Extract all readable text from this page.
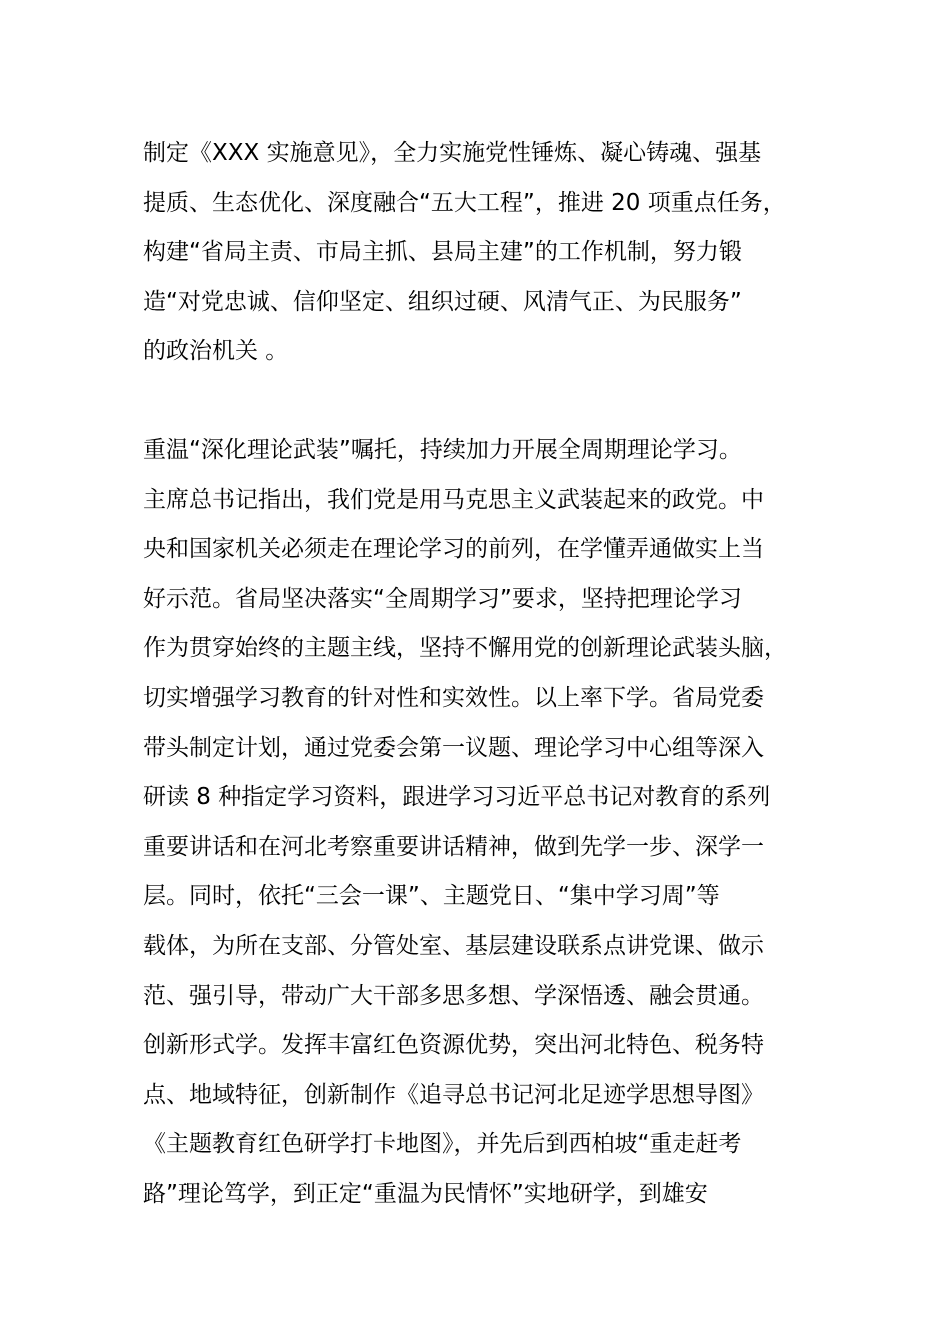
制定《XXX 实施意见》，全力实施党性锤炼、凝心铸魂、强基
提质、生态优化、深度融合“五大工程”，推进 20 项重点任务，
构建“省局主责、市局主抓、县局主建”的工作机制，努力锻
造“对党忠诚、信仰坚定、组织过硬、风清气正、为民服务”
的政治机关 。
重温“深化理论武装”嘱托，持续加力开展全周期理论学习。
主席总书记指出，我们党是用马克思主义武装起来的政党。中
央和国家机关必须走在理论学习的前列，在学懂弄通做实上当
好示范。省局坚决落实“全周期学习”要求，坚持把理论学习
作为贯穿始终的主题主线，坚持不懈用党的创新理论武装头脑，
切实增强学习教育的针对性和实效性。以上率下学。省局党委
带头制定计划，通过党委会第一议题、理论学习中心组等深入
研读 8 种指定学习资料，跟进学习习近平总书记对教育的系列
重要讲话和在河北考察重要讲话精神，做到先学一步、深学一
层。同时，依托“三会一课”、主题党日、“集中学习周”等
载体，为所在支部、分管处室、基层建设联系点讲党课、做示
范、强引导，带动广大干部多思多想、学深悟透、融会贯通。
创新形式学。发挥丰富红色资源优势，突出河北特色、税务特
点、地域特征，创新制作《追寻总书记河北足迹学思想导图》
《主题教育红色研学打卡地图》，并先后到西柏坡“重走赶考
路”理论笃学，到正定“重温为民情怀”实地研学，到雄安
